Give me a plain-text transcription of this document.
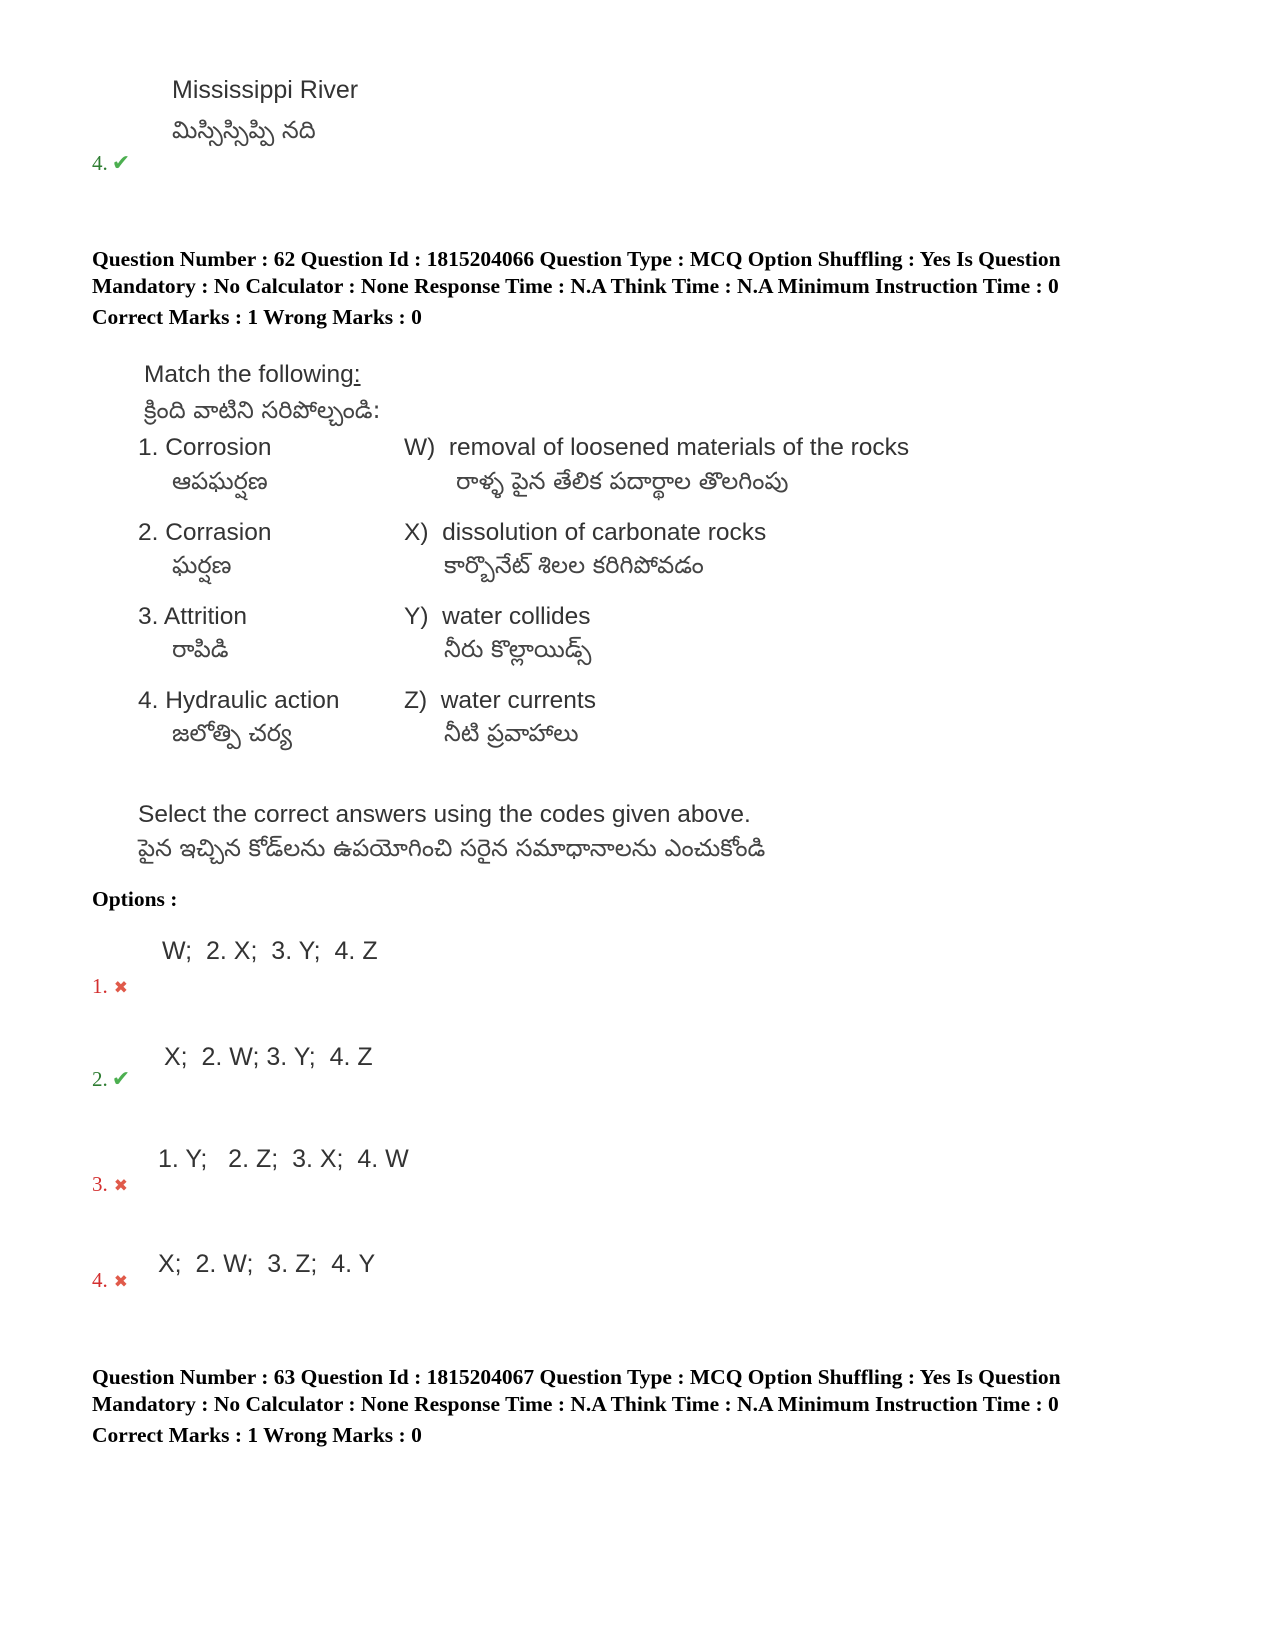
Mississippi River
మిస్సిస్సిప్పి నది
4. ✔
Question Number : 62 Question Id : 1815204066 Question Type : MCQ Option Shuffling : Yes Is Question
Mandatory : No Calculator : None Response Time : N.A Think Time : N.A Minimum Instruction Time : 0
Correct Marks : 1 Wrong Marks : 0
Match the following:
క్రింది వాటిని సరిపోల్చండి:
1. Corrosion
ఆపఘర్షణ
2. Corrasion
ఘర్షణ
3. Attrition
రాపిడి
4. Hydraulic action
జలోత్పి చర్య
W)  removal of loosened materials of the rocks
రాళ్ళ పైన తేలిక పదార్థాల తొలగింపు
X)  dissolution of carbonate rocks
కార్బొనేట్ శిలల కరిగిపోవడం
Y)  water collides
నీరు కొల్లాయిడ్స్
Z)  water currents
నీటి ప్రవాహాలు
Select the correct answers using the codes given above.
పైన ఇచ్చిన కోడ్‌లను ఉపయోగించి సరైన సమాధానాలను ఎంచుకోండి
Options :
W;  2. X;  3. Y;  4. Z
1. ✖
X;  2. W; 3. Y;  4. Z
2. ✔
1. Y;   2. Z;  3. X;  4. W
3. ✖
X;  2. W;  3. Z;  4. Y
4. ✖
Question Number : 63 Question Id : 1815204067 Question Type : MCQ Option Shuffling : Yes Is Question
Mandatory : No Calculator : None Response Time : N.A Think Time : N.A Minimum Instruction Time : 0
Correct Marks : 1 Wrong Marks : 0
